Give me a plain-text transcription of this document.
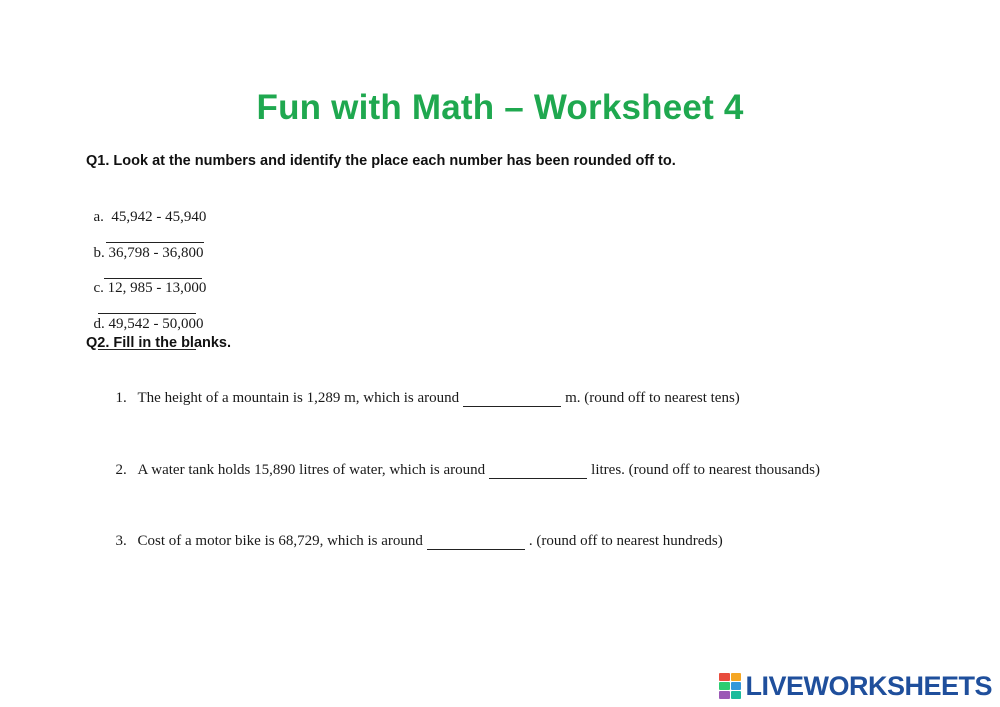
Fun with Math – Worksheet 4
Q1. Look at the numbers and identify the place each number has been rounded off to.

a.  45,942 - 45,940

b. 36,798 - 36,800

c. 12, 985 - 13,000

d. 49,542 - 50,000

Q2. Fill in the blanks.

1. The height of a mountain is 1,289 m, which is around	m. (round off to nearest tens)

2. A water tank holds 15,890 litres of water, which is around	litres. (round off to nearest thousands)

3. Cost of a motor bike is 68,729, which is around	. (round off to nearest hundreds)

LIVEWORKSHEETS
